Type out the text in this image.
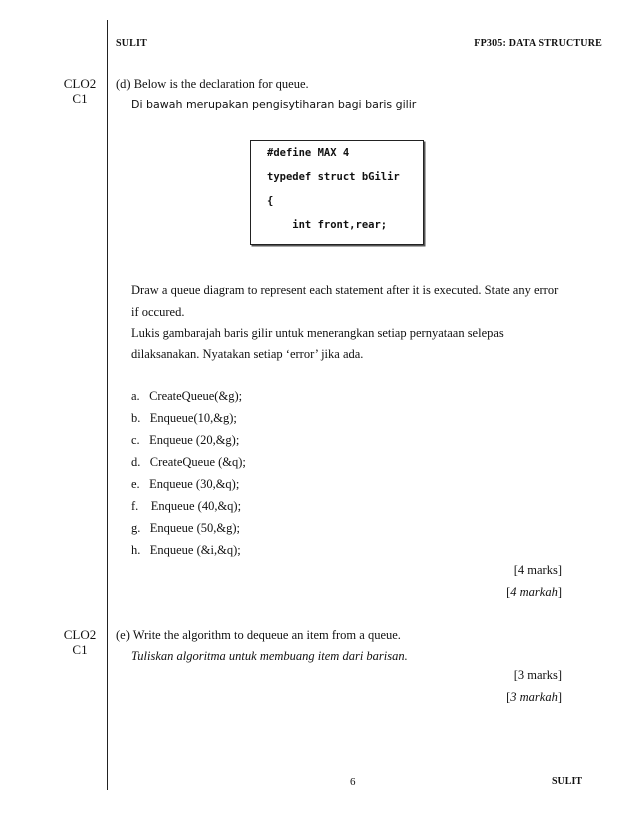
SULIT	FP305: DATA STRUCTURE
CLO2
C1
(d) Below is the declaration for queue.
Di bawah merupakan pengisytiharan bagi baris gilir
#define MAX 4
typedef struct bGilir
{
int front,rear;
Draw a queue diagram to represent each statement after it is executed. State any error
if occured.
Lukis gambarajah baris gilir untuk menerangkan setiap pernyataan selepas
dilaksanakan. Nyatakan setiap ‘error’ jika ada.
a. CreateQueue(&g);
b. Enqueue(10,&g);
c. Enqueue (20,&g);
d. CreateQueue (&q);
e. Enqueue (30,&q);
f. Enqueue (40,&q);
g. Enqueue (50,&g);
h. Enqueue (&i,&q);
[4 marks]
[4 markah]
CLO2
C1
(e) Write the algorithm to dequeue an item from a queue.
Tuliskan algoritma untuk membuang item dari barisan.
[3 marks]
[3 markah]
6	SULIT
